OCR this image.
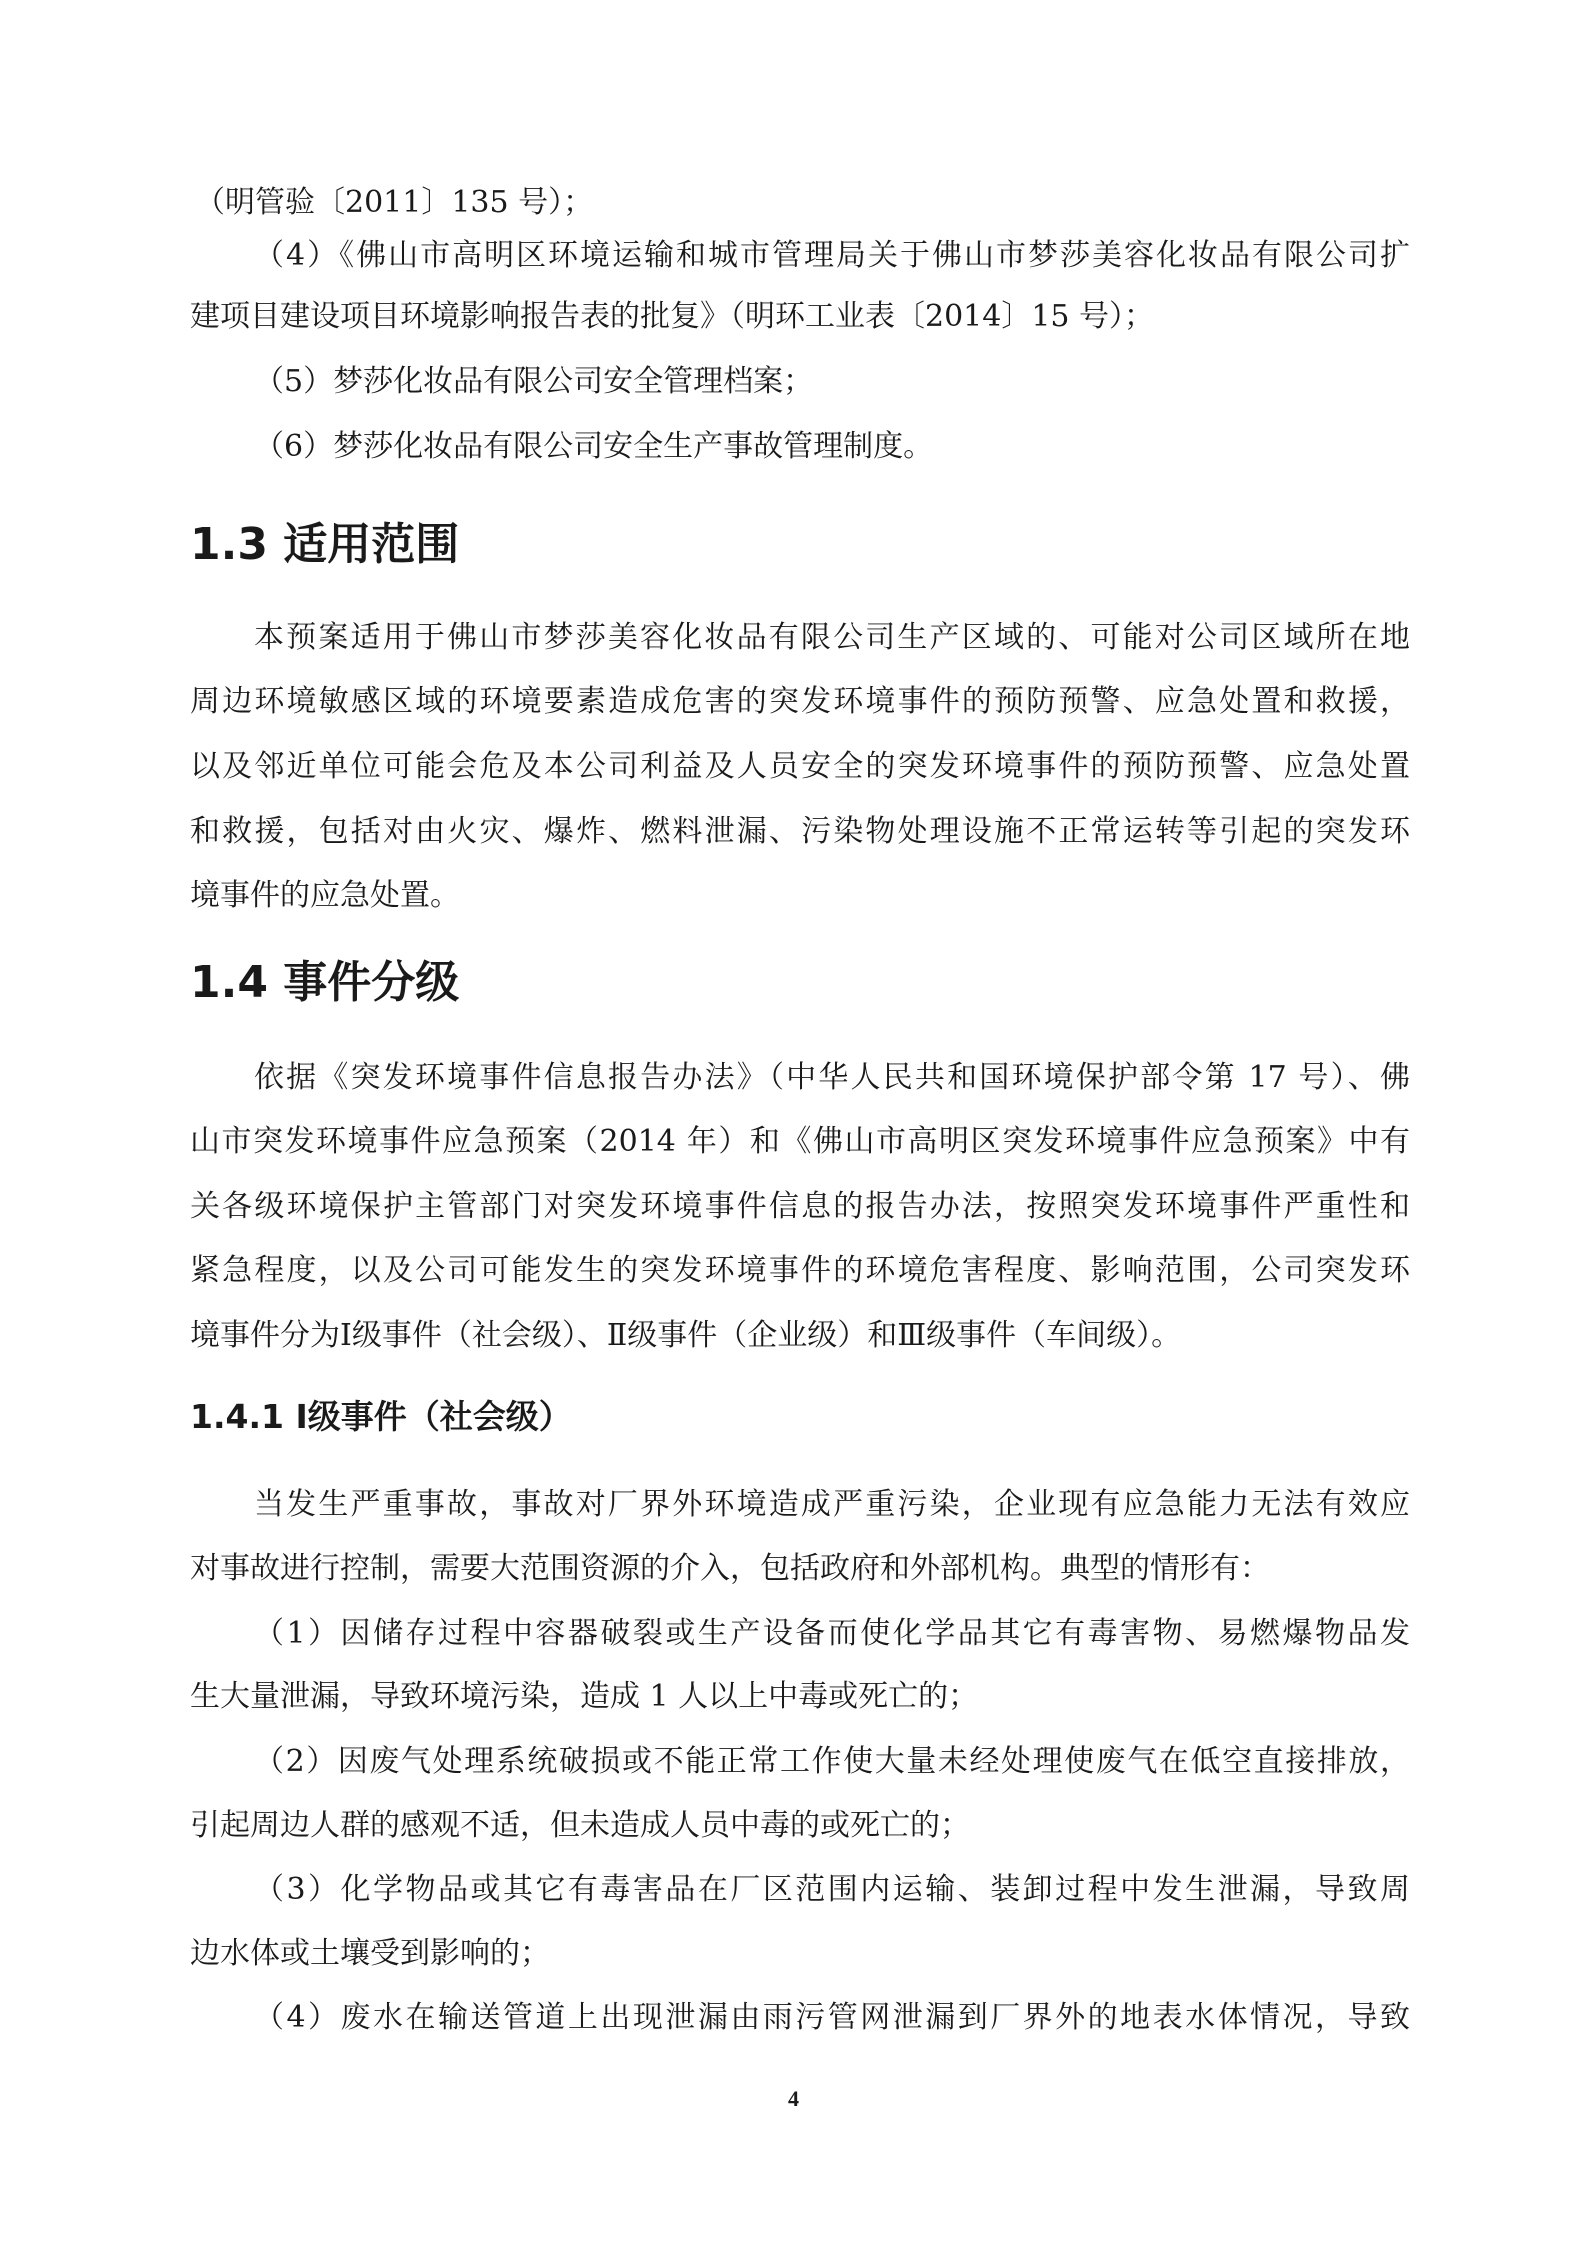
（明管验〔2011〕135 号）；
（4）《佛山市高明区环境运输和城市管理局关于佛山市梦莎美容化妆品有限公司扩
建项目建设项目环境影响报告表的批复》（明环工业表〔2014〕15 号）；
（5）梦莎化妆品有限公司安全管理档案；
（6）梦莎化妆品有限公司安全生产事故管理制度。
1.3 适用范围
本预案适用于佛山市梦莎美容化妆品有限公司生产区域的、可能对公司区域所在地
周边环境敏感区域的环境要素造成危害的突发环境事件的预防预警、应急处置和救援，
以及邻近单位可能会危及本公司利益及人员安全的突发环境事件的预防预警、应急处置
和救援，包括对由火灾、爆炸、燃料泄漏、污染物处理设施不正常运转等引起的突发环
境事件的应急处置。
1.4 事件分级
依据《突发环境事件信息报告办法》（中华人民共和国环境保护部令第 17 号）、佛
山市突发环境事件应急预案（2014 年）和《佛山市高明区突发环境事件应急预案》中有
关各级环境保护主管部门对突发环境事件信息的报告办法，按照突发环境事件严重性和
紧急程度，以及公司可能发生的突发环境事件的环境危害程度、影响范围，公司突发环
境事件分为Ⅰ级事件（社会级）、Ⅱ级事件（企业级）和Ⅲ级事件（车间级）。
1.4.1 Ⅰ级事件（社会级）
当发生严重事故，事故对厂界外环境造成严重污染，企业现有应急能力无法有效应
对事故进行控制，需要大范围资源的介入，包括政府和外部机构。典型的情形有：
（1）因储存过程中容器破裂或生产设备而使化学品其它有毒害物、易燃爆物品发
生大量泄漏，导致环境污染，造成 1 人以上中毒或死亡的；
（2）因废气处理系统破损或不能正常工作使大量未经处理使废气在低空直接排放，
引起周边人群的感观不适，但未造成人员中毒的或死亡的；
（3）化学物品或其它有毒害品在厂区范围内运输、装卸过程中发生泄漏，导致周
边水体或土壤受到影响的；
（4）废水在输送管道上出现泄漏由雨污管网泄漏到厂界外的地表水体情况，导致
4
